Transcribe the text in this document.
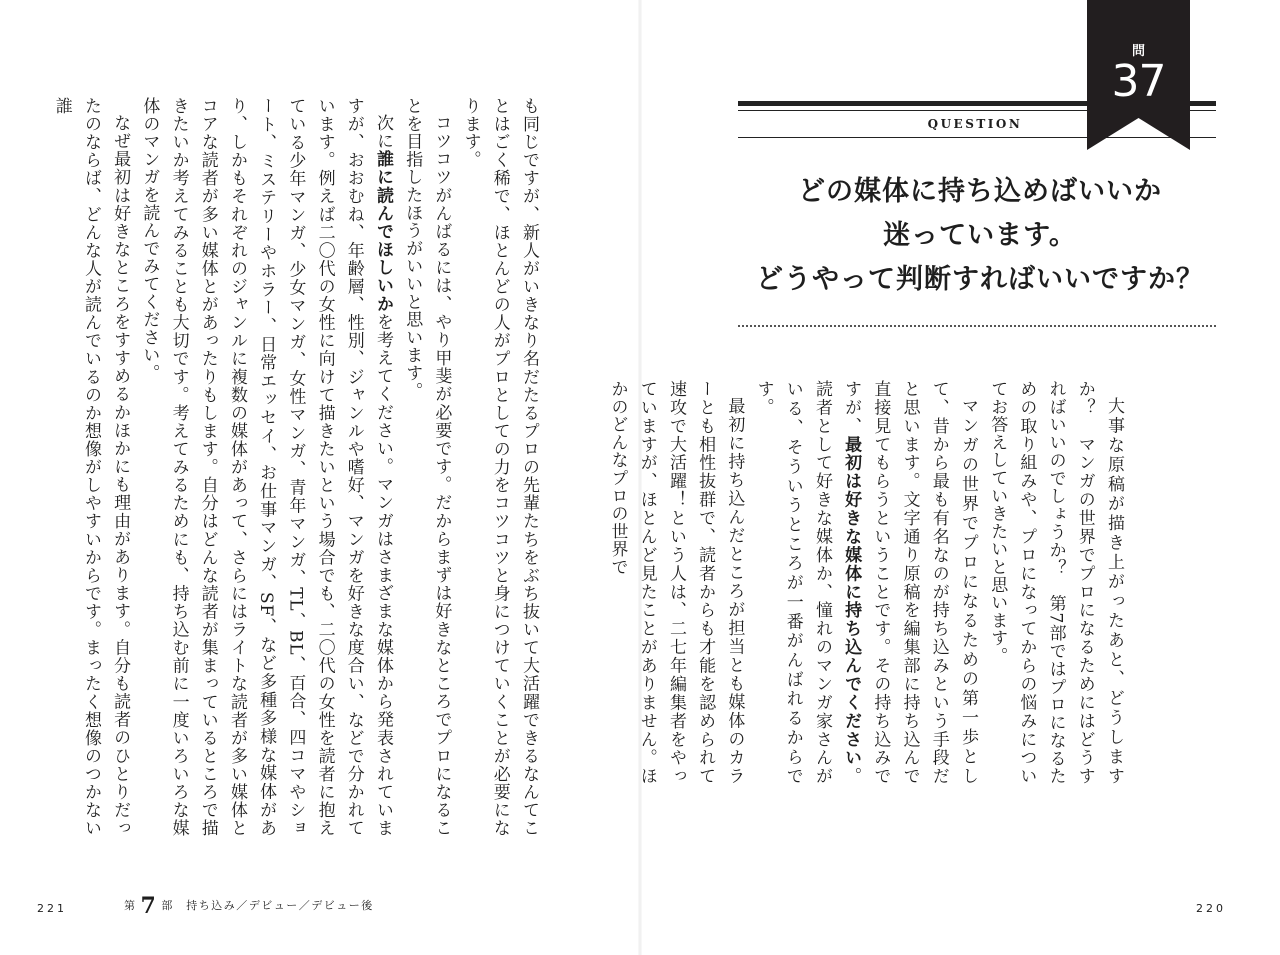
も同じですが、新人がいきなり名だたるプロの先輩たちをぶち抜いて大活躍できるなんてことはごく稀で、ほとんどの人がプロとしての力をコツコツと身につけていくことが必要になります。

コツコツがんばるには、やり甲斐が必要です。だからまずは好きなところでプロになることを目指したほうがいいと思います。

次に誰に読んでほしいかを考えてください。マンガはさまざまな媒体から発表されていますが、おおむね、年齢層、性別、ジャンルや嗜好、マンガを好きな度合い、などで分かれています。例えば二〇代の女性に向けて描きたいという場合でも、二〇代の女性を読者に抱えている少年マンガ、少女マンガ、女性マンガ、青年マンガ、TL、BL、百合、四コマやショート、ミステリーやホラー、日常エッセイ、お仕事マンガ、SF、など多種多様な媒体があり、しかもそれぞれのジャンルに複数の媒体があって、さらにはライトな読者が多い媒体とコアな読者が多い媒体とがあったりもします。自分はどんな読者が集まっているところで描きたいか考えてみることも大切です。考えてみるためにも、持ち込む前に一度いろいろな媒体のマンガを読んでみてください。

なぜ最初は好きなところをすすめるかほかにも理由があります。自分も読者のひとりだったのならば、どんな人が読んでいるのか想像がしやすいからです。まったく想像のつかない誰

221	第 7 部　持ち込み／デビュー／デビュー後
QUESTION
問
37
どの媒体に持ち込めばいいか
迷っています。
どうやって判断すればいいですか？

大事な原稿が描き上がったあと、どうしますか？　マンガの世界でプロになるためにはどうすればいいのでしょうか？　第7部ではプロになるための取り組みや、プロになってからの悩みについてお答えしていきたいと思います。

マンガの世界でプロになるための第一歩として、昔から最も有名なのが持ち込みという手段だと思います。文字通り原稿を編集部に持ち込んで直接見てもらうということです。その持ち込みですが、最初は好きな媒体に持ち込んでください。読者として好きな媒体か、憧れのマンガ家さんがいる、そういうところが一番がんばれるからです。

最初に持ち込んだところが担当とも媒体のカラーとも相性抜群で、読者からも才能を認められて速攻で大活躍！という人は、二七年編集者をやっていますが、ほとんど見たことがありません。ほかのどんなプロの世界で

220
